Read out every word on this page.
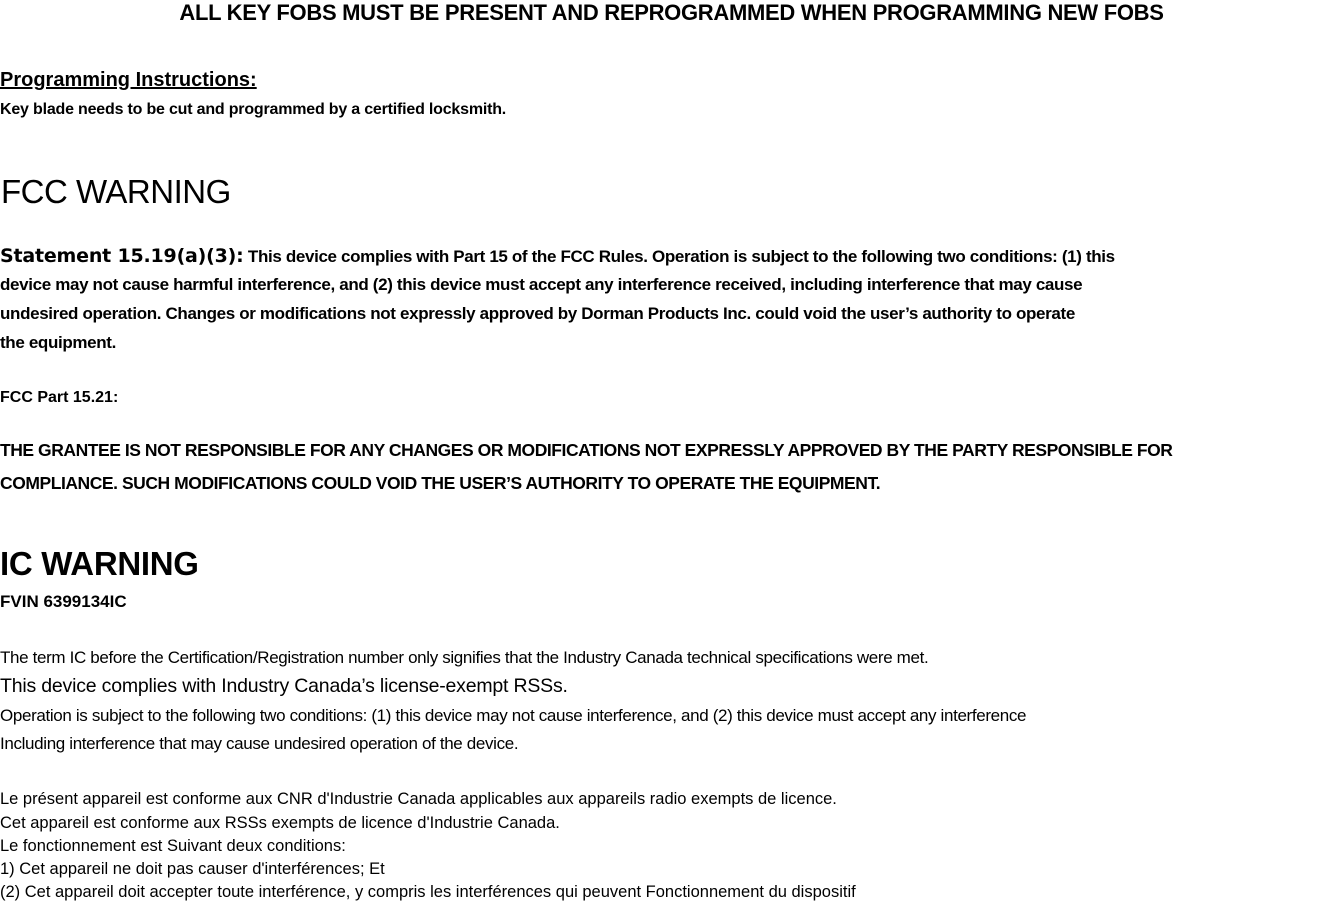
ALL KEY FOBS MUST BE PRESENT AND REPROGRAMMED WHEN PROGRAMMING NEW FOBS
Programming Instructions:
Key blade needs to be cut and programmed by a certified locksmith.
FCC WARNING
Statement 15.19(a)(3): This device complies with Part 15 of the FCC Rules. Operation is subject to the following two conditions: (1) this
device may not cause harmful interference, and (2) this device must accept any interference received, including interference that may cause
undesired operation. Changes or modifications not expressly approved by Dorman Products Inc. could void the user’s authority to operate
the equipment.
FCC Part 15.21:
THE GRANTEE IS NOT RESPONSIBLE FOR ANY CHANGES OR MODIFICATIONS NOT EXPRESSLY APPROVED BY THE PARTY RESPONSIBLE FOR
COMPLIANCE. SUCH MODIFICATIONS COULD VOID THE USER’S AUTHORITY TO OPERATE THE EQUIPMENT.
IC WARNING
FVIN 6399134IC
The term IC before the Certification/Registration number only signifies that the Industry Canada technical specifications were met.
This device complies with Industry Canada’s license-exempt RSSs.
Operation is subject to the following two conditions: (1) this device may not cause interference, and (2) this device must accept any interference
Including interference that may cause undesired operation of the device.
Le présent appareil est conforme aux CNR d'Industrie Canada applicables aux appareils radio exempts de licence.
Cet appareil est conforme aux RSSs exempts de licence d'Industrie Canada.
Le fonctionnement est Suivant deux conditions:
1) Cet appareil ne doit pas causer d'interférences; Et
(2) Cet appareil doit accepter toute interférence, y compris les interférences qui peuvent Fonctionnement du dispositif
